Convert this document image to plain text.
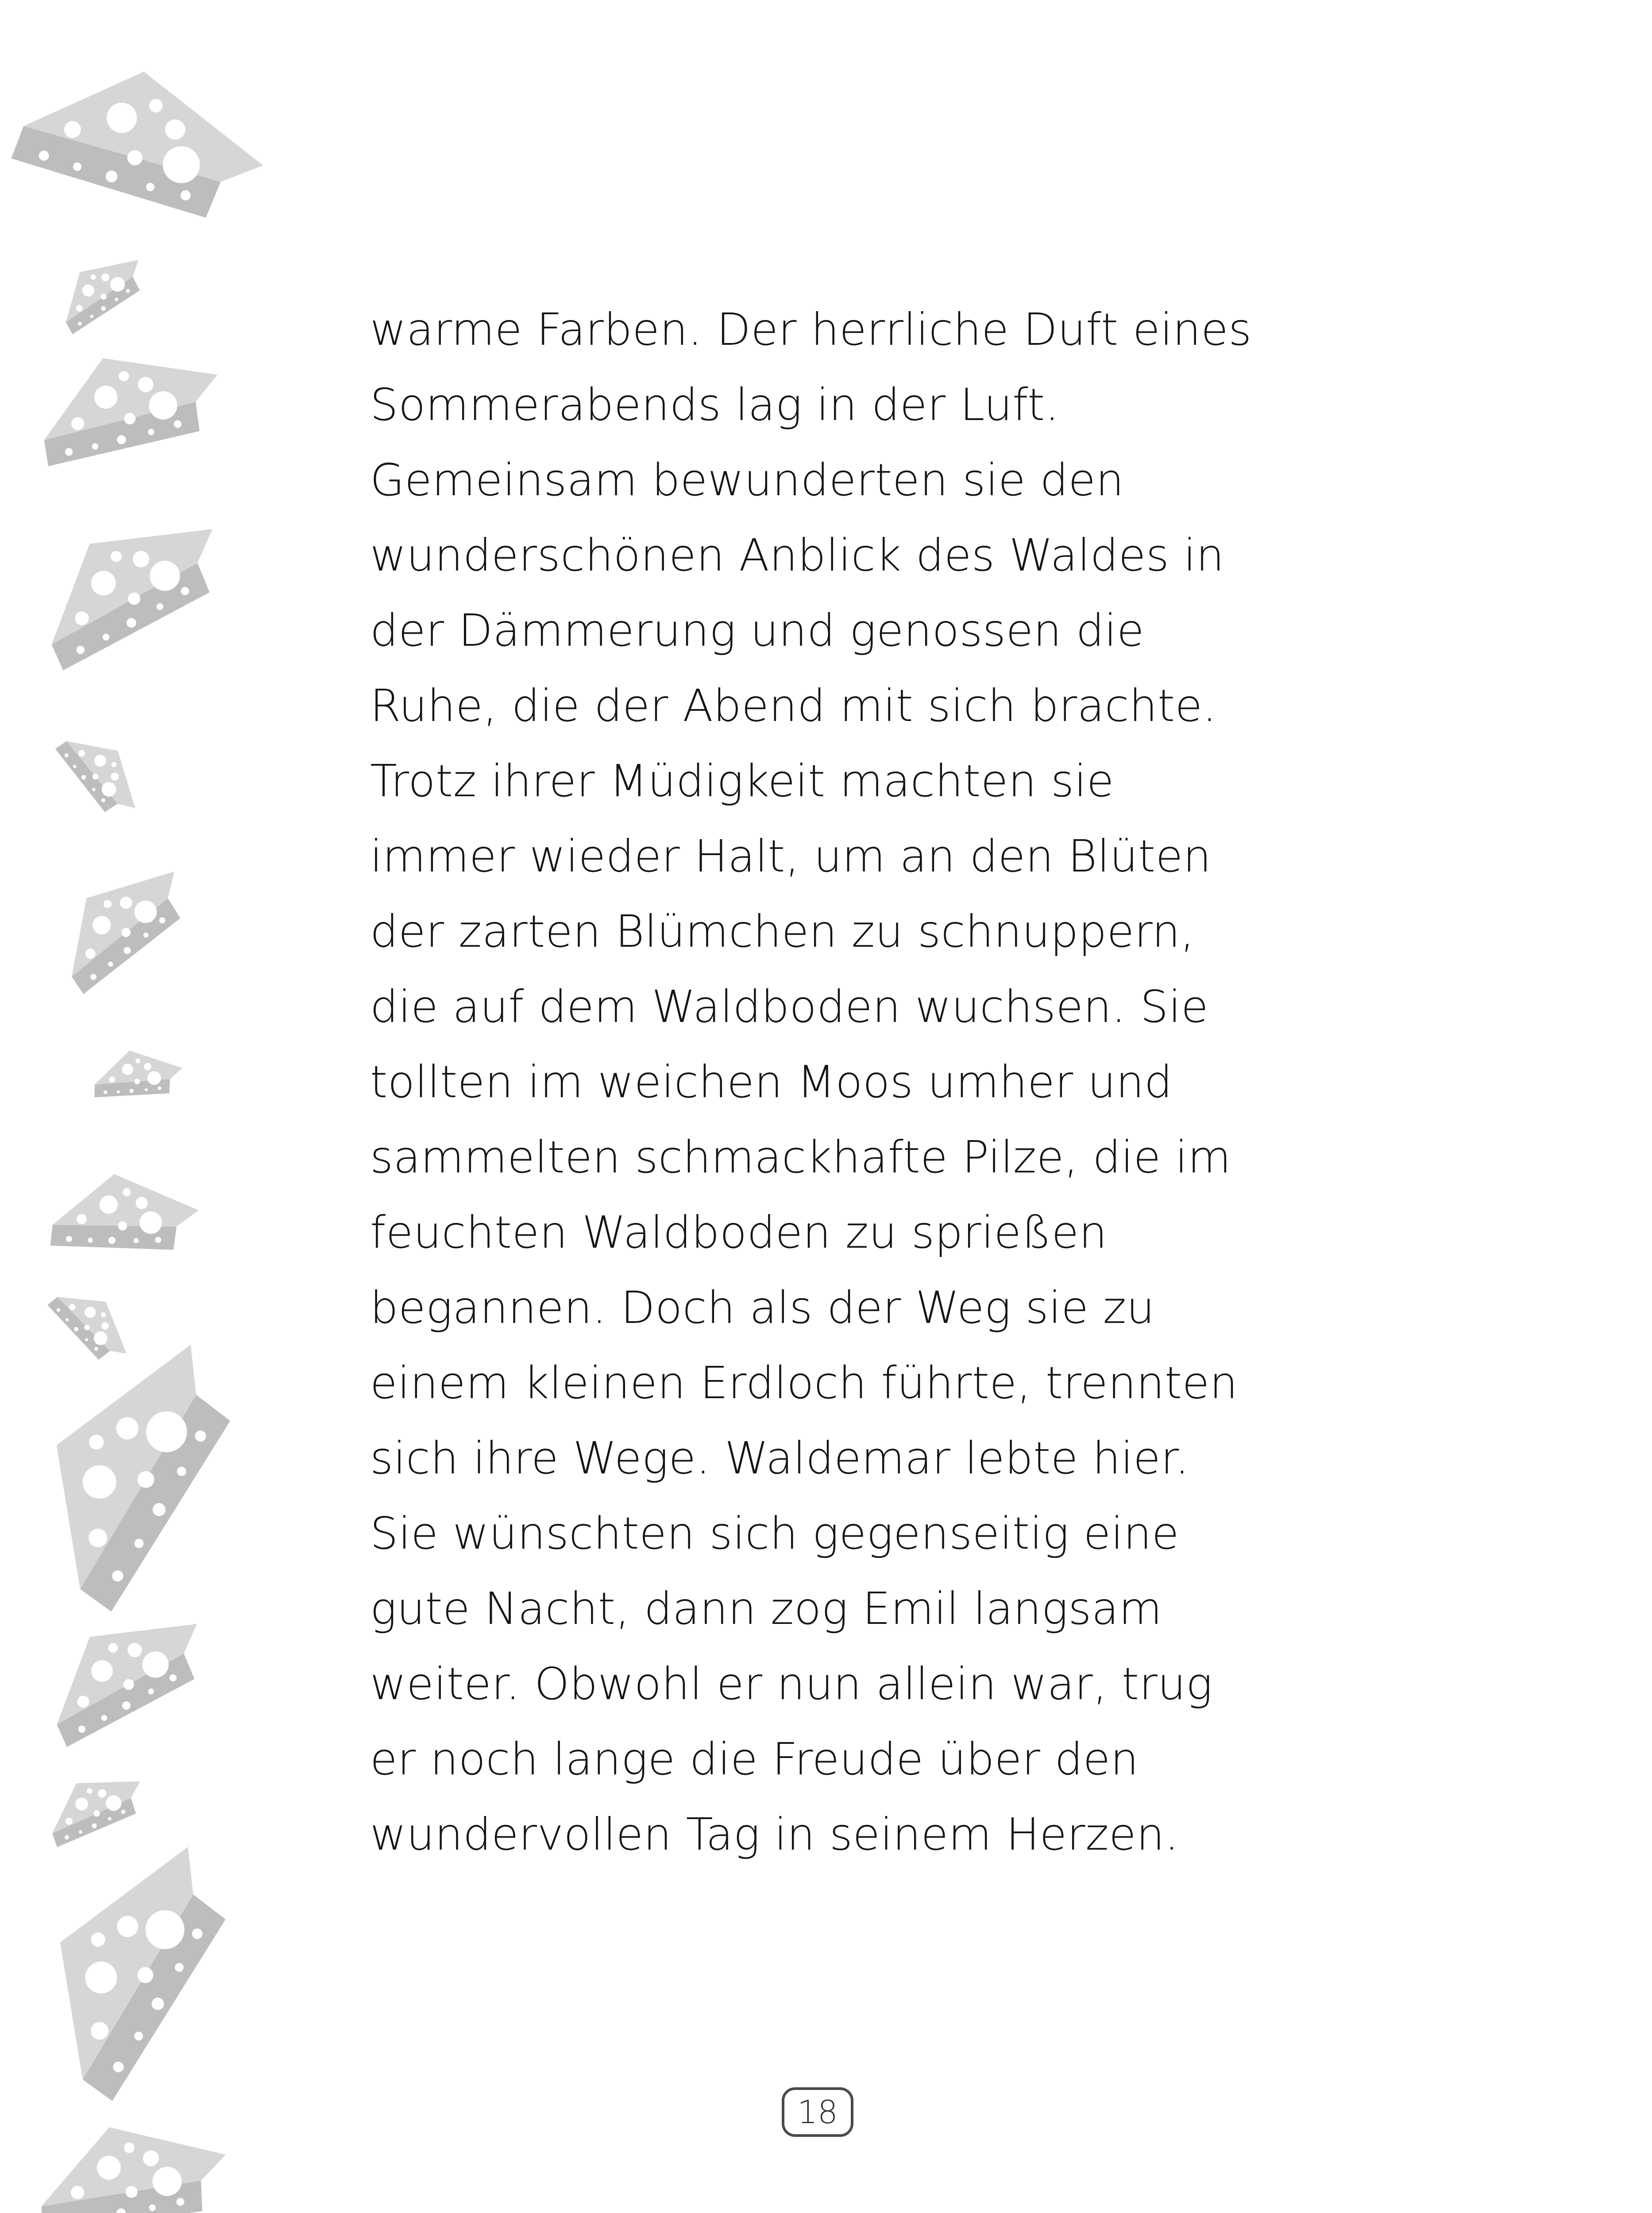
warme Farben. Der herrliche Duft eines
Sommerabends lag in der Luft.
Gemeinsam bewunderten sie den
wunderschönen Anblick des Waldes in
der Dämmerung und genossen die
Ruhe, die der Abend mit sich brachte.
Trotz ihrer Müdigkeit machten sie
immer wieder Halt, um an den Blüten
der zarten Blümchen zu schnuppern,
die auf dem Waldboden wuchsen. Sie
tollten im weichen Moos umher und
sammelten schmackhafte Pilze, die im
feuchten Waldboden zu sprießen
begannen. Doch als der Weg sie zu
einem kleinen Erdloch führte, trennten
sich ihre Wege. Waldemar lebte hier.
Sie wünschten sich gegenseitig eine
gute Nacht, dann zog Emil langsam
weiter. Obwohl er nun allein war, trug
er noch lange die Freude über den
wundervollen Tag in seinem Herzen.
18
